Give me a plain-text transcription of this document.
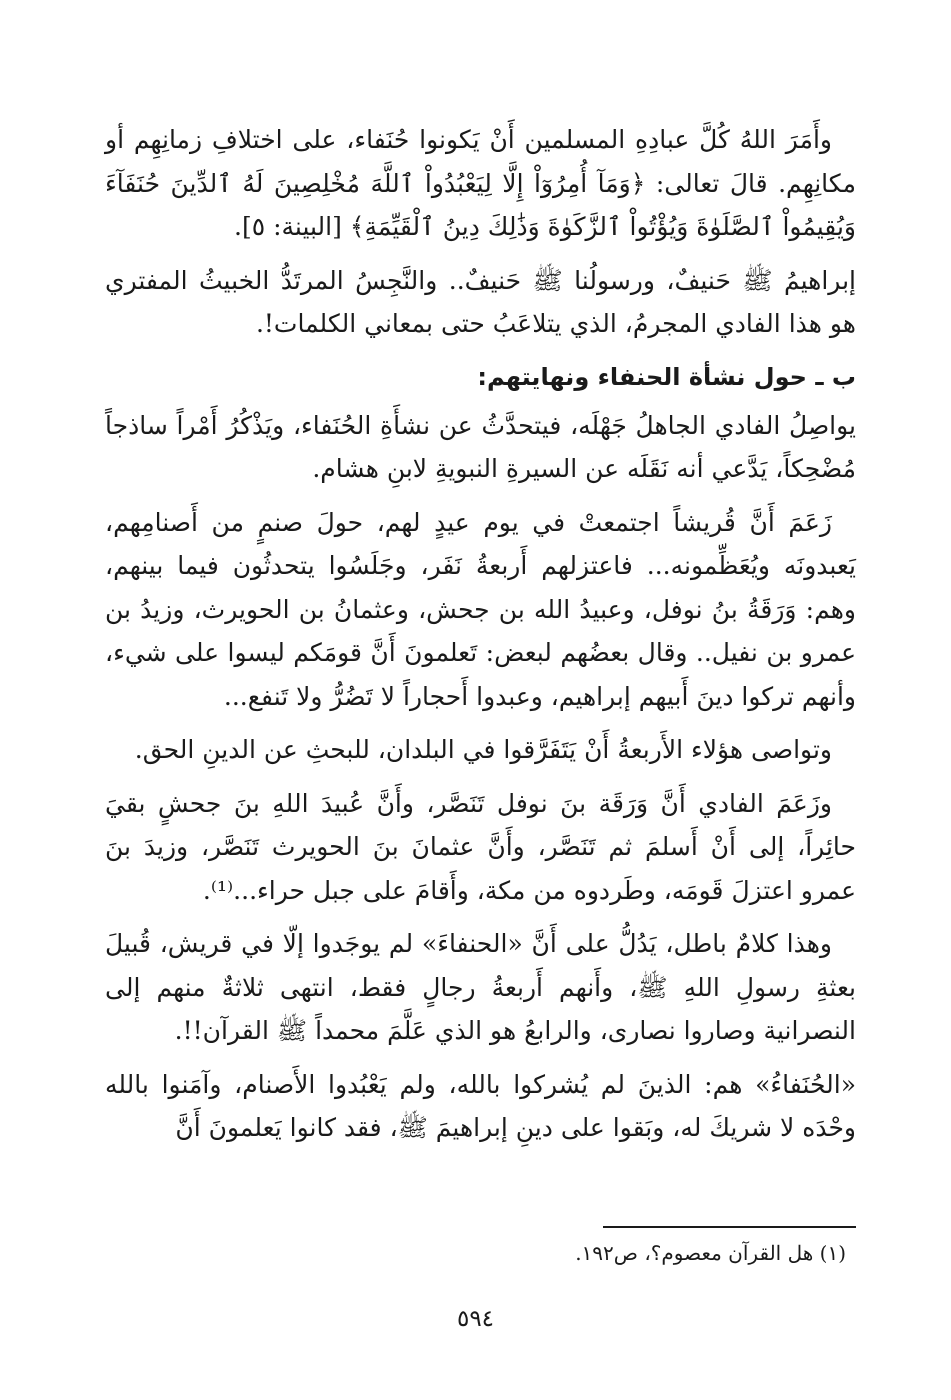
وأَمَرَ اللهُ كُلَّ عبادِهِ المسلمين أَنْ يَكونوا حُنَفاء، على اختلافِ زمانِهِم أو مكانِهِم. قالَ تعالى: ﴿وَمَآ أُمِرُوٓاْ إِلَّا لِيَعْبُدُواْ ٱللَّهَ مُخْلِصِينَ لَهُ ٱلدِّينَ حُنَفَآءَ وَيُقِيمُواْ ٱلصَّلَوٰةَ وَيُؤْتُواْ ٱلزَّكَوٰةَ وَذَٰلِكَ دِينُ ٱلْقَيِّمَةِ﴾ [البينة: ٥].

إبراهيمُ ﷺ حَنيفٌ، ورسولُنا ﷺ حَنيفٌ.. والنَّجِسُ المرتَدُّ الخبيثُ المفتري هو هذا الفادي المجرمُ، الذي يتلاعَبُ حتى بمعاني الكلمات!.

ب ـ حول نشأة الحنفاء ونهايتهم:

يواصِلُ الفادي الجاهلُ جَهْلَه، فيتحدَّثُ عن نشأَةِ الحُنَفاء، ويَذْكُرُ أَمْراً ساذجاً مُضْحِكاً، يَدَّعي أنه نَقَلَه عن السيرةِ النبويةِ لابنِ هشام.

زَعَمَ أَنَّ قُريشاً اجتمعتْ في يوم عيدٍ لهم، حولَ صنمٍ من أَصنامِهم، يَعبدونَه ويُعَظِّمونه... فاعتزلهم أَربعةُ نَفَر، وجَلَسُوا يتحدثُون فيما بينهم، وهم: وَرَقَةُ بنُ نوفل، وعبيدُ الله بن جحش، وعثمانُ بن الحويرث، وزيدُ بن عمرو بن نفيل.. وقال بعضُهم لبعض: تَعلمونَ أَنَّ قومَكم ليسوا على شيء، وأنهم تركوا دينَ أَبيهم إبراهيم، وعبدوا أَحجاراً لا تَضُرُّ ولا تَنفع...

وتواصى هؤلاء الأَربعةُ أَنْ يَتَفَرَّقوا في البلدان، للبحثِ عن الدينِ الحق.

وزَعَمَ الفادي أَنَّ وَرَقَة بنَ نوفل تَنَصَّر، وأَنَّ عُبيدَ اللهِ بنَ جحشٍ بقيَ حائِراً، إلى أَنْ أَسلمَ ثم تَنَصَّر، وأَنَّ عثمانَ بنَ الحويرث تَنَصَّر، وزيدَ بنَ عمرو اعتزلَ قَومَه، وطَردوه من مكة، وأَقامَ على جبل حراء...⁽¹⁾.

وهذا كلامٌ باطل، يَدُلُّ على أَنَّ «الحنفاءَ» لم يوجَدوا إلّا في قريش، قُبيلَ بعثةِ رسولِ اللهِ ﷺ، وأَنهم أَربعةُ رجالٍ فقط، انتهى ثلاثةٌ منهم إلى النصرانية وصاروا نصارى، والرابعُ هو الذي عَلَّمَ محمداً ﷺ القرآن!!.

«الحُنَفاءُ» هم: الذينَ لم يُشركوا بالله، ولم يَعْبُدوا الأَصنام، وآمَنوا بالله وحْدَه لا شريكَ له، وبَقوا على دينِ إبراهيمَ ﷺ، فقد كانوا يَعلمونَ أَنَّ

(١) هل القرآن معصوم؟، ص١٩٢.
٥٩٤
